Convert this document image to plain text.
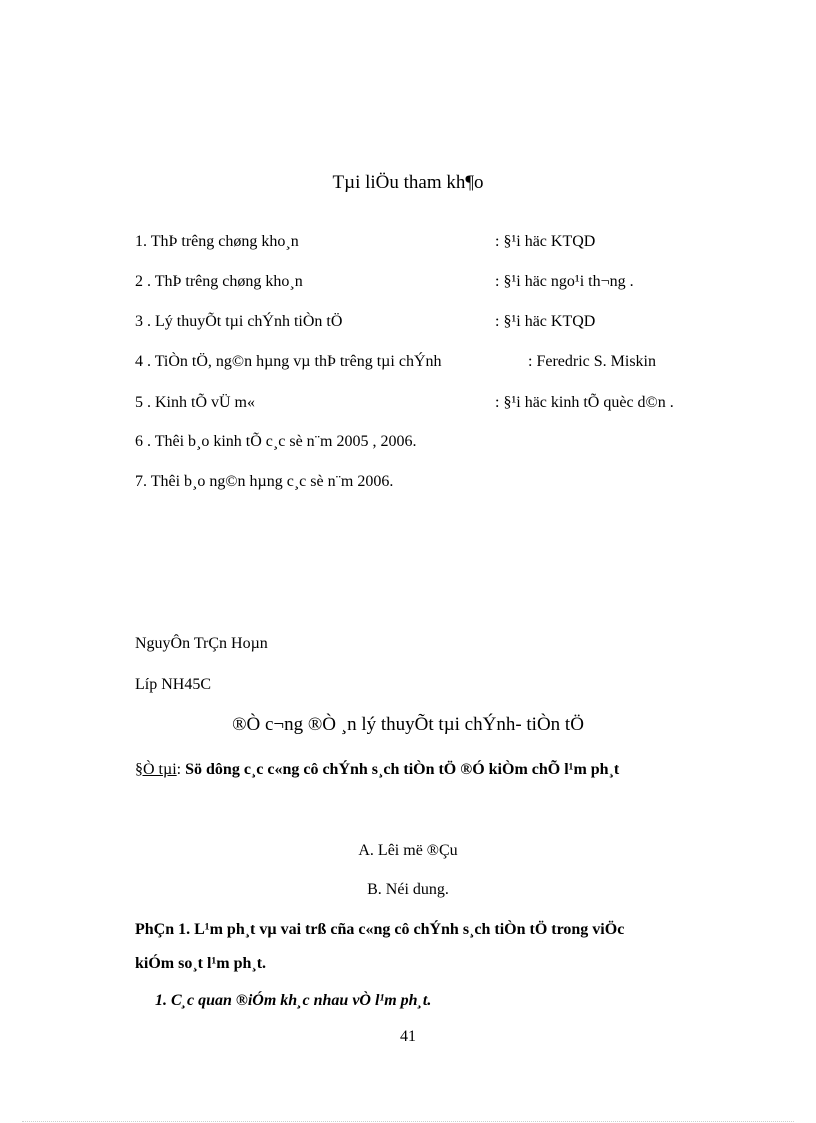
Tµi liÖu tham kh¶o
1. ThÞ trêng chøng kho¸n	: §¹i häc KTQD
2 . ThÞ trêng chøng kho¸n	: §¹i häc ngo¹i th¬ng .
3 . Lý thuyÕt tµi chÝnh tiÒn tÖ	: §¹i häc KTQD
4 . TiÒn tÖ, ng©n hµng vµ thÞ trêng tµi chÝnh	: Feredric S. Miskin
5 . Kinh tÕ vÜ m«	: §¹i häc kinh tÕ quèc d©n .
6 . Thêi b¸o kinh tÕ c¸c sè n¨m 2005 , 2006.
7. Thêi b¸o ng©n hµng c¸c sè n¨m 2006.
NguyÔn TrÇn Hoµn
Líp NH45C
®Ò c¬ng ®Ò ¸n lý thuyÕt tµi chÝnh- tiÒn tÖ
§Ò tµi: Sö dông c¸c c«ng cô chÝnh s¸ch tiÒn tÖ ®Ó kiÒm chÕ l¹m ph¸t
A. Lêi më ®Çu
B. Néi dung.
PhÇn 1. L¹m ph¸t vµ vai trß cña c«ng cô chÝnh s¸ch tiÒn tÖ trong viÖc
kiÓm so¸t l¹m ph¸t.
1. C¸c quan ®iÓm kh¸c nhau vÒ l¹m ph¸t.
41
